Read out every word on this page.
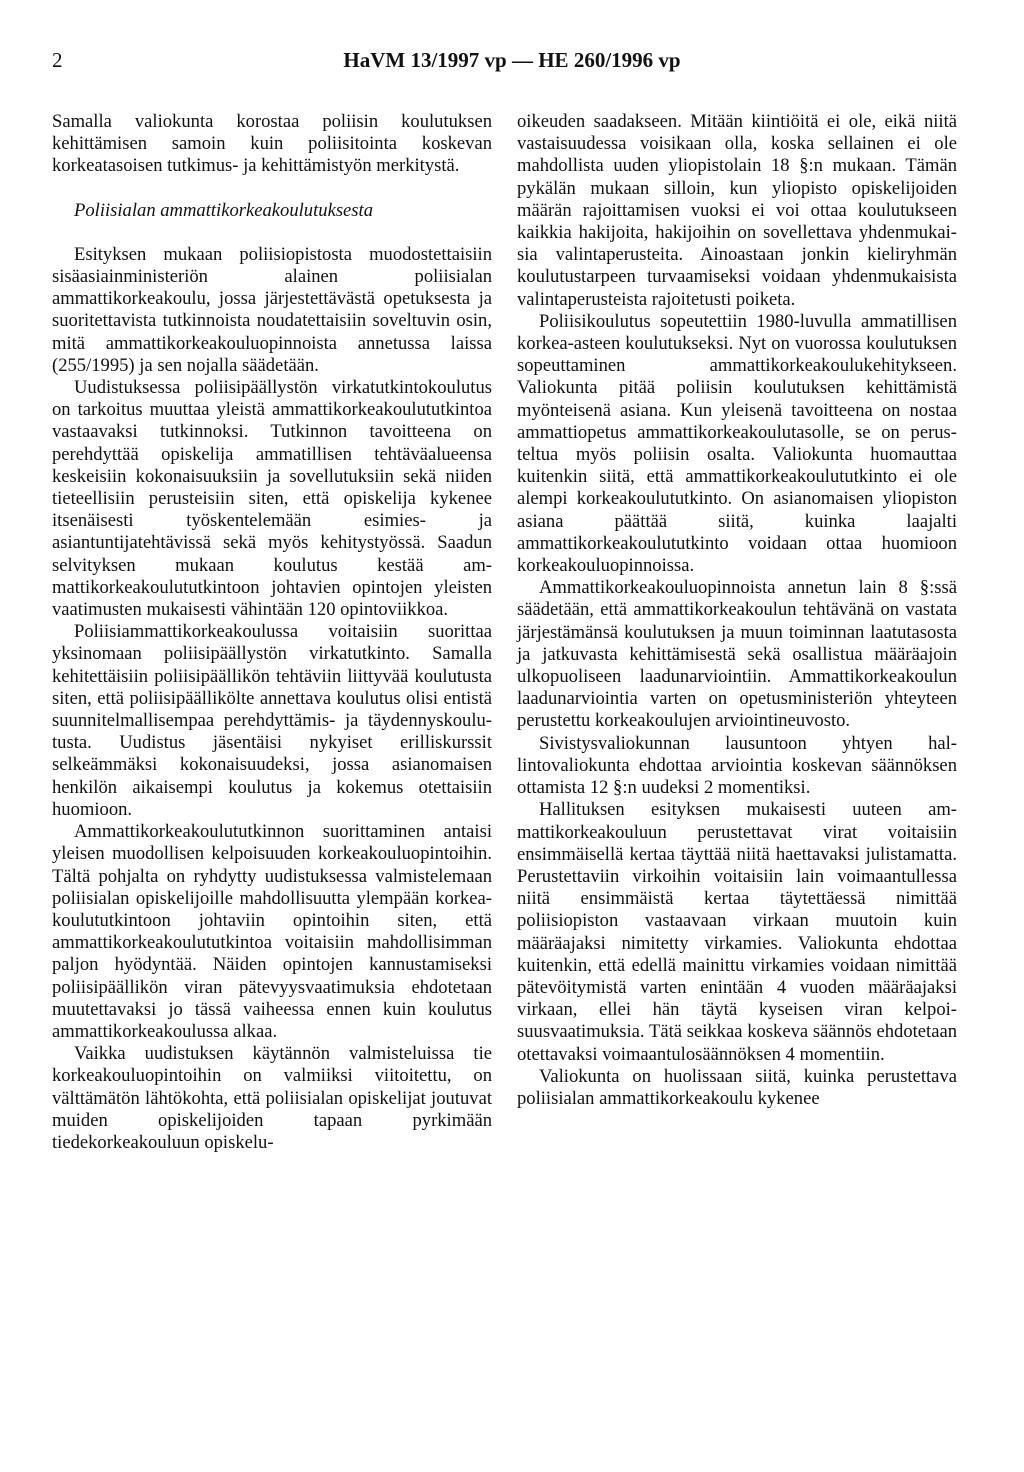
2	HaVM 13/1997 vp — HE 260/1996 vp

Samalla valiokunta korostaa poliisin koulutuksen kehittämisen samoin kuin poliisitointa koskevan korkeatasoisen tutkimus- ja kehittämistyön merkitystä.

Poliisialan ammattikorkeakoulutuksesta

Esityksen mukaan poliisiopistosta muodostettaisiin sisäasiainministeriön alainen poliisialan ammattikorkeakoulu, jossa järjestettävästä opetuksesta ja suoritettavista tutkinnoista noudatettaisiin soveltuvin osin, mitä ammattikorkeakouluopinnoista annetussa laissa (255/1995) ja sen nojalla säädetään.

Uudistuksessa poliisipäällystön virkatutkintokoulutus on tarkoitus muuttaa yleistä ammattikorkeakoulututkintoa vastaavaksi tutkinnoksi. Tutkinnon tavoitteena on perehdyttää opiskelija ammatillisen tehtäväalueensa keskeisiin kokonaisuuksiin ja sovellutuksiin sekä niiden tieteellisiin perusteisiin siten, että opiskelija kykenee itsenäisesti työskentelemään esimies- ja asiantuntijatehtävissä sekä myös kehitystyössä. Saadun selvityksen mukaan koulutus kestää ammattikorkeakoulututkintoon johtavien opintojen yleisten vaatimusten mukaisesti vähintään 120 opintoviikkoa.

Poliisiammattikorkeakoulussa voitaisiin suorittaa yksinomaan poliisipäällystön virkatutkinto. Samalla kehitettäisiin poliisipäällikön tehtäviin liittyvää koulutusta siten, että poliisipäällikölte annettava koulutus olisi entistä suunnitelmallisempaa perehdyttämis- ja täydennyskoulutusta. Uudistus jäsentäisi nykyiset erilliskurssit selkeämmäksi kokonaisuudeksi, jossa asianomaisen henkilön aikaisempi koulutus ja kokemus otettaisiin huomioon.

Ammattikorkeakoulututkinnon suorittaminen antaisi yleisen muodollisen kelpoisuuden korkeakouluopintoihin. Tältä pohjalta on ryhdytty uudistuksessa valmistelemaan poliisialan opiskelijoille mahdollisuutta ylempään korkeakoulututkintoon johtaviin opintoihin siten, että ammattikorkeakoulututkintoa voitaisiin mahdollisimman paljon hyödyntää. Näiden opintojen kannustamiseksi poliisipäällikön viran pätevyysvaatimuksia ehdotetaan muutettavaksi jo tässä vaiheessa ennen kuin koulutus ammattikorkeakoulussa alkaa.

Vaikka uudistuksen käytännön valmisteluissa tie korkeakouluopintoihin on valmiiksi viitoitettu, on välttämätön lähtökohta, että poliisialan opiskelijat joutuvat muiden opiskelijoiden tapaan pyrkimään tiedekorkeakouluun opiskelu-

oikeuden saadakseen. Mitään kiintiöitä ei ole, eikä niitä vastaisuudessa voisikaan olla, koska sellainen ei ole mahdollista uuden yliopistolain 18 §:n mukaan. Tämän pykälän mukaan silloin, kun yliopisto opiskelijoiden määrän rajoittamisen vuoksi ei voi ottaa koulutukseen kaikkia hakijoita, hakijoihin on sovellettava yhdenmukaisia valintaperusteita. Ainoastaan jonkin kieliryhmän koulutustarpeen turvaamiseksi voidaan yhdenmukaisista valintaperusteista rajoitetusti poiketa.

Poliisikoulutus sopeutettiin 1980-luvulla ammatillisen korkea-asteen koulutukseksi. Nyt on vuorossa koulutuksen sopeuttaminen ammattikorkeakoulukehitykseen. Valiokunta pitää poliisin koulutuksen kehittämistä myönteisenä asiana. Kun yleisenä tavoitteena on nostaa ammattiopetus ammattikorkeakoulutasolle, se on perusteltua myös poliisin osalta. Valiokunta huomauttaa kuitenkin siitä, että ammattikorkeakoulututkinto ei ole alempi korkeakoulututkinto. On asianomaisen yliopiston asiana päättää siitä, kuinka laajalti ammattikorkeakoulututkinto voidaan ottaa huomioon korkeakouluopinnoissa.

Ammattikorkeakouluopinnoista annetun lain 8 §:ssä säädetään, että ammattikorkeakoulun tehtävänä on vastata järjestämänsä koulutuksen ja muun toiminnan laatutasosta ja jatkuvasta kehittämisestä sekä osallistua määräajoin ulkopuoliseen laadunarviointiin. Ammattikorkeakoulun laadunarviointia varten on opetusministeriön yhteyteen perustettu korkeakoulujen arviointineuvosto.

Sivistysvaliokunnan lausuntoon yhtyen hallintovaliokunta ehdottaa arviointia koskevan säännöksen ottamista 12 §:n uudeksi 2 momentiksi.

Hallituksen esityksen mukaisesti uuteen ammattikorkeakouluun perustettavat virat voitaisiin ensimmäisellä kertaa täyttää niitä haettavaksi julistamatta. Perustettaviin virkoihin voitaisiin lain voimaantullessa niitä ensimmäistä kertaa täytettäessä nimittää poliisiopiston vastaavaan virkaan muutoin kuin määräajaksi nimitetty virkamies. Valiokunta ehdottaa kuitenkin, että edellä mainittu virkamies voidaan nimittää pätevöitymistä varten enintään 4 vuoden määräajaksi virkaan, ellei hän täytä kyseisen viran kelpoisuusvaatimuksia. Tätä seikkaa koskeva säännös ehdotetaan otettavaksi voimaantulosäännöksen 4 momentiin.

Valiokunta on huolissaan siitä, kuinka perustettava poliisialan ammattikorkeakoulu kykenee
